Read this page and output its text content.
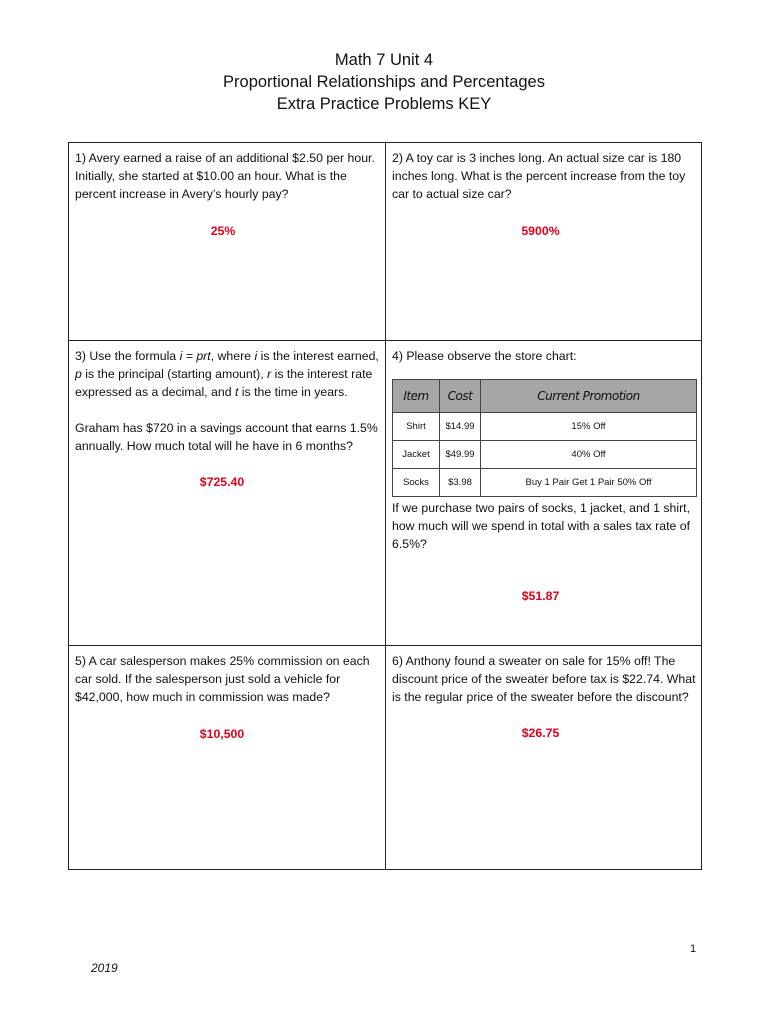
Math 7 Unit 4
Proportional Relationships and Percentages
Extra Practice Problems KEY

1) Avery earned a raise of an additional $2.50 per hour. Initially, she started at $10.00 an hour. What is the percent increase in Avery’s hourly pay?

25%

2) A toy car is 3 inches long. An actual size car is 180 inches long. What is the percent increase from the toy car to actual size car?

5900%

3) Use the formula i = prt, where i is the interest earned, p is the principal (starting amount), r is the interest rate expressed as a decimal, and t is the time in years.

Graham has $720 in a savings account that earns 1.5% annually. How much total will he have in 6 months?

$725.40

4) Please observe the store chart:

Item	Cost	Current Promotion
Shirt	$14.99	15% Off
Jacket	$49.99	40% Off
Socks	$3.98	Buy 1 Pair Get 1 Pair 50% Off

If we purchase two pairs of socks, 1 jacket, and 1 shirt, how much will we spend in total with a sales tax rate of 6.5%?

$51.87

5) A car salesperson makes 25% commission on each car sold. If the salesperson just sold a vehicle for $42,000, how much in commission was made?

$10,500

6) Anthony found a sweater on sale for 15% off! The discount price of the sweater before tax is $22.74. What is the regular price of the sweater before the discount?

$26.75
1
2019
